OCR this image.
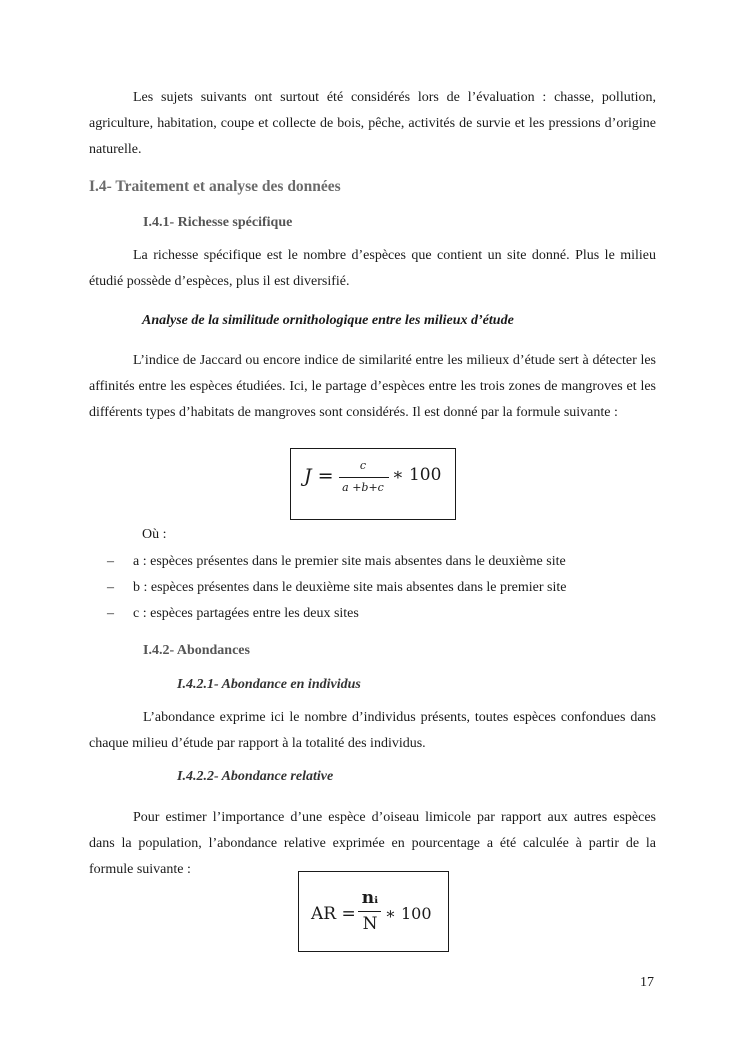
Les sujets suivants ont surtout été considérés lors de l’évaluation : chasse, pollution, agriculture, habitation, coupe et collecte de bois, pêche, activités de survie et les pressions d’origine naturelle.

I.4- Traitement et analyse des données
I.4.1- Richesse spécifique

La richesse spécifique est le nombre d’espèces que contient un site donné. Plus le milieu étudié possède d’espèces, plus il est diversifié.

Analyse de la similitude ornithologique entre les milieux d’étude

L’indice de Jaccard ou encore indice de similarité entre les milieux d’étude sert à détecter les affinités entre les espèces étudiées. Ici, le partage d’espèces entre les trois zones de mangroves et les différents types d’habitats de mangroves sont considérés. Il est donné par la formule suivante :

J =	c
a +b+c
∗ 100

Où :

– a : espèces présentes dans le premier site mais absentes dans le deuxième site
– b : espèces présentes dans le deuxième site mais absentes dans le premier site
– c : espèces partagées entre les deux sites
I.4.2- Abondances
I.4.2.1- Abondance en individus

L’abondance exprime ici le nombre d’individus présents, toutes espèces confondues dans chaque milieu d’étude par rapport à la totalité des individus.

I.4.2.2- Abondance relative

Pour estimer l’importance d’une espèce d’oiseau limicole par rapport aux autres espèces dans la population, l’abondance relative exprimée en pourcentage a été calculée à partir de la formule suivante :

AR =
nᵢ
N
∗ 100

17
